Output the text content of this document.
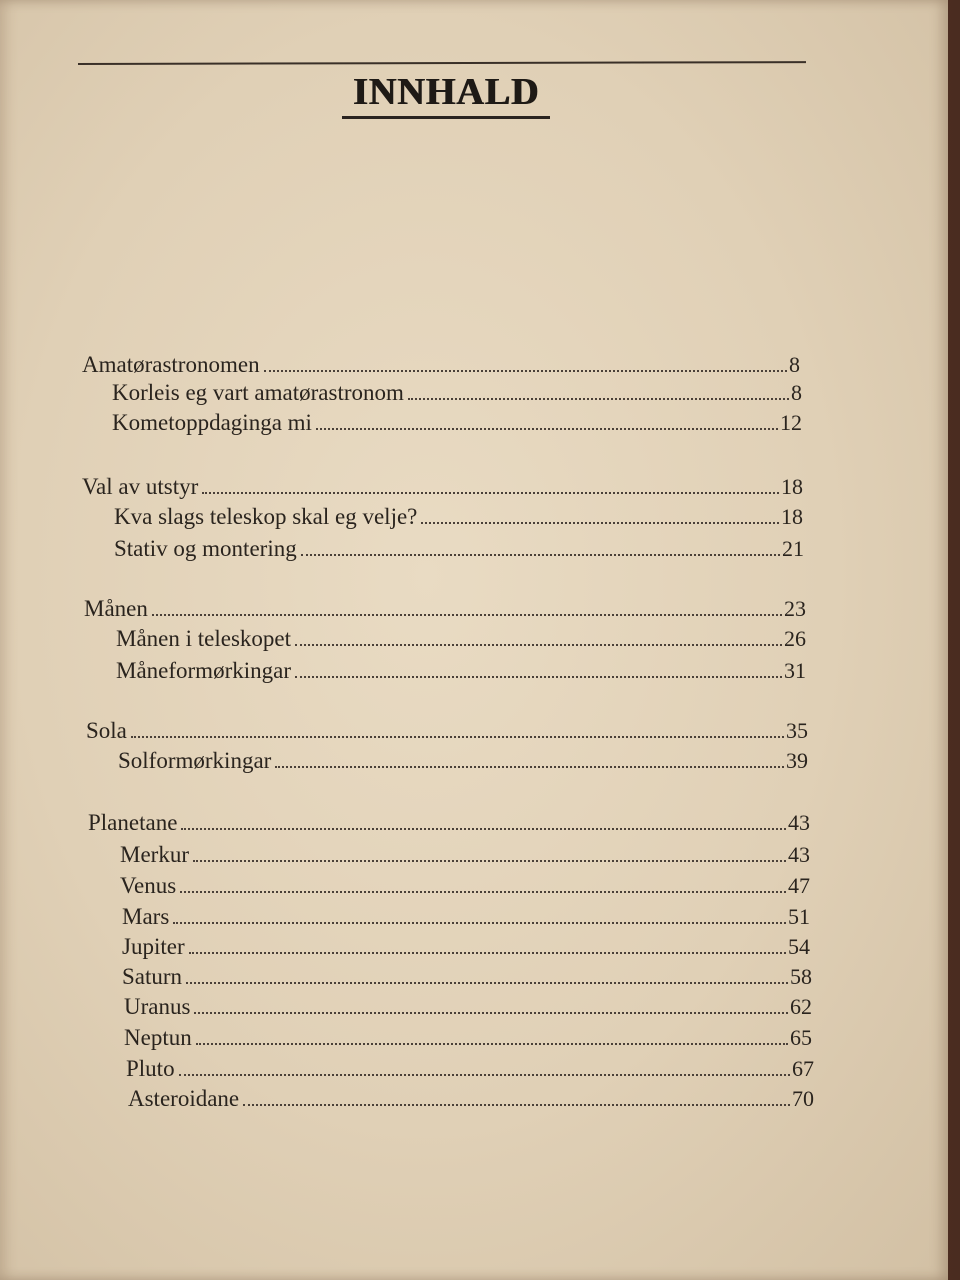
INNHALD
Amatørastronomen	8
Korleis eg vart amatørastronom	8
Kometoppdaginga mi	12
Val av utstyr	18
Kva slags teleskop skal eg velje?	18
Stativ og montering	21
Månen	23
Månen i teleskopet	26
Måneformørkingar	31
Sola	35
Solformørkingar	39
Planetane	43
Merkur	43
Venus	47
Mars	51
Jupiter	54
Saturn	58
Uranus	62
Neptun	65
Pluto	67
Asteroidane	70
